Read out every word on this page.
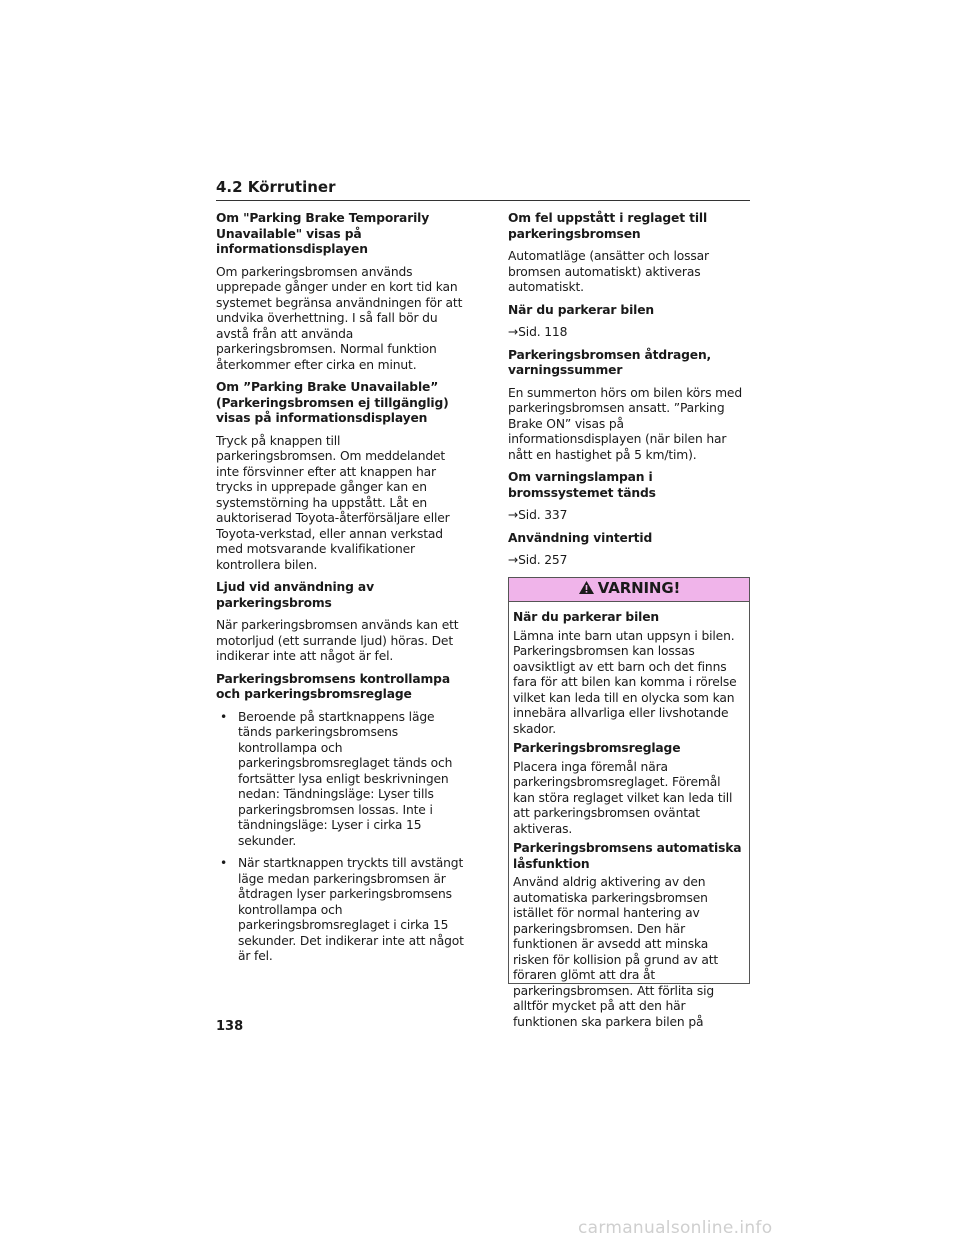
4.2 Körrutiner
Om "Parking Brake Temporarily Unavailable" visas på informationsdisplayen
Om parkeringsbromsen används upprepade gånger under en kort tid kan systemet begränsa användningen för att undvika överhettning. I så fall bör du avstå från att använda parkeringsbromsen. Normal funktion återkommer efter cirka en minut.
Om ”Parking Brake Unavailable” (Parkeringsbromsen ej tillgänglig) visas på informationsdisplayen
Tryck på knappen till parkeringsbromsen. Om meddelandet inte försvinner efter att knappen har trycks in upprepade gånger kan en systemstörning ha uppstått. Låt en auktoriserad Toyota-återförsäljare eller Toyota-verkstad, eller annan verkstad med motsvarande kvalifikationer kontrollera bilen.
Ljud vid användning av parkeringsbroms
När parkeringsbromsen används kan ett motorljud (ett surrande ljud) höras. Det indikerar inte att något är fel.
Parkeringsbromsens kontrollampa och parkeringsbromsreglage
• Beroende på startknappens läge tänds parkeringsbromsens kontrollampa och parkeringsbromsreglaget tänds och fortsätter lysa enligt beskrivningen nedan: Tändningsläge: Lyser tills parkeringsbromsen lossas. Inte i tändningsläge: Lyser i cirka 15 sekunder.
• När startknappen tryckts till avstängt läge medan parkeringsbromsen är åtdragen lyser parkeringsbromsens kontrollampa och parkeringsbromsreglaget i cirka 15 sekunder. Det indikerar inte att något är fel.
Om fel uppstått i reglaget till parkeringsbromsen
Automatläge (ansätter och lossar bromsen automatiskt) aktiveras automatiskt.
När du parkerar bilen
→Sid. 118
Parkeringsbromsen åtdragen, varningssummer
En summerton hörs om bilen körs med parkeringsbromsen ansatt. ”Parking Brake ON” visas på informationsdisplayen (när bilen har nått en hastighet på 5 km/tim).
Om varningslampan i bromssystemet tänds
→Sid. 337
Användning vintertid
→Sid. 257
VARNING!
När du parkerar bilen
Lämna inte barn utan uppsyn i bilen. Parkeringsbromsen kan lossas oavsiktligt av ett barn och det finns fara för att bilen kan komma i rörelse vilket kan leda till en olycka som kan innebära allvarliga eller livshotande skador.
Parkeringsbromsreglage
Placera inga föremål nära parkeringsbromsreglaget. Föremål kan störa reglaget vilket kan leda till att parkeringsbromsen oväntat aktiveras.
Parkeringsbromsens automatiska låsfunktion
Använd aldrig aktivering av den automatiska parkeringsbromsen istället för normal hantering av parkeringsbromsen. Den här funktionen är avsedd att minska risken för kollision på grund av att föraren glömt att dra åt parkeringsbromsen. Att förlita sig alltför mycket på att den här funktionen ska parkera bilen på
138
carmanualsonline.info
